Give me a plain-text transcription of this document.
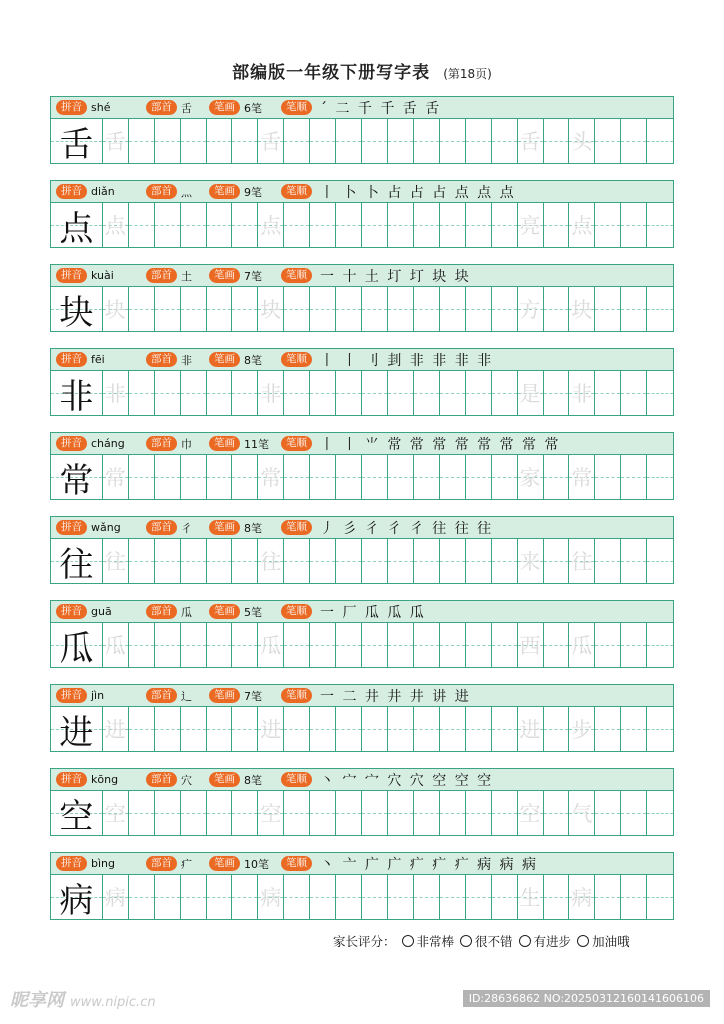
部编版一年级下册写字表 (第18页)
拼音 shé	部首 舌	笔画 6笔	笔顺 ´ 二 千 千 舌 舌
舌 舌	舌	舌 头
拼音 diǎn	部首 灬	笔画 9笔	笔顺 丨 卜 卜 占 占 占 点 点 点
点 点	点	亮 点
拼音 kuài	部首 土	笔画 7笔	笔顺 一 十 土 圢 圢 块 块
块 块	块	方 块
拼音 fēi	部首 非	笔画 8笔	笔顺 丨 丨 刂 刲 非 非 非 非
非 非	非	是 非
拼音 cháng	部首 巾	笔画 11笔	笔顺 丨 丨 ⺌ 常 常 常 常 常 常 常 常
常 常	常	家 常
拼音 wǎng	部首 彳	笔画 8笔	笔顺 丿 彡 彳 彳 彳 往 往 往
往 往	往	来 往
拼音 guā	部首 瓜	笔画 5笔	笔顺 一 厂 瓜 瓜 瓜
瓜 瓜	瓜	西 瓜
拼音 jìn	部首 辶	笔画 7笔	笔顺 一 二 井 井 井 讲 进
进 进	进	进 步
拼音 kōng	部首 穴	笔画 8笔	笔顺 丶 宀 宀 穴 穴 空 空 空
空 空	空	空 气
拼音 bìng	部首 疒	笔画 10笔	笔顺 丶 亠 广 广 疒 疒 疒 病 病 病
病 病	病	生 病
家长评分： 非常棒 很不错 有进步 加油哦
昵享网 www.nipic.cn	ID:28636862 NO:20250312160141606106
